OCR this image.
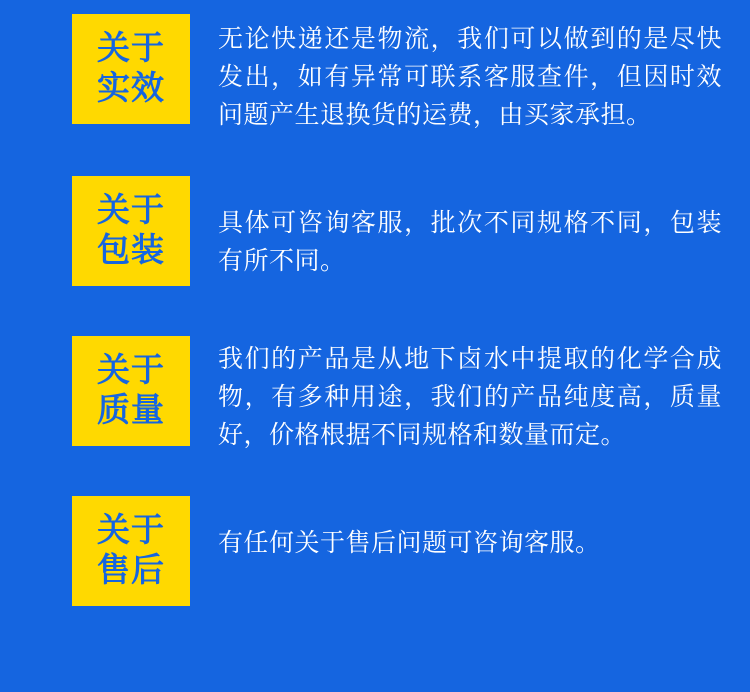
关于
实效
无论快递还是物流，我们可以做到的是尽快发出，如有异常可联系客服查件，但因时效问题产生退换货的运费，由买家承担。
关于
包装
具体可咨询客服，批次不同规格不同，包装有所不同。
关于
质量
我们的产品是从地下卤水中提取的化学合成物，有多种用途，我们的产品纯度高，质量好，价格根据不同规格和数量而定。
关于
售后
有任何关于售后问题可咨询客服。
